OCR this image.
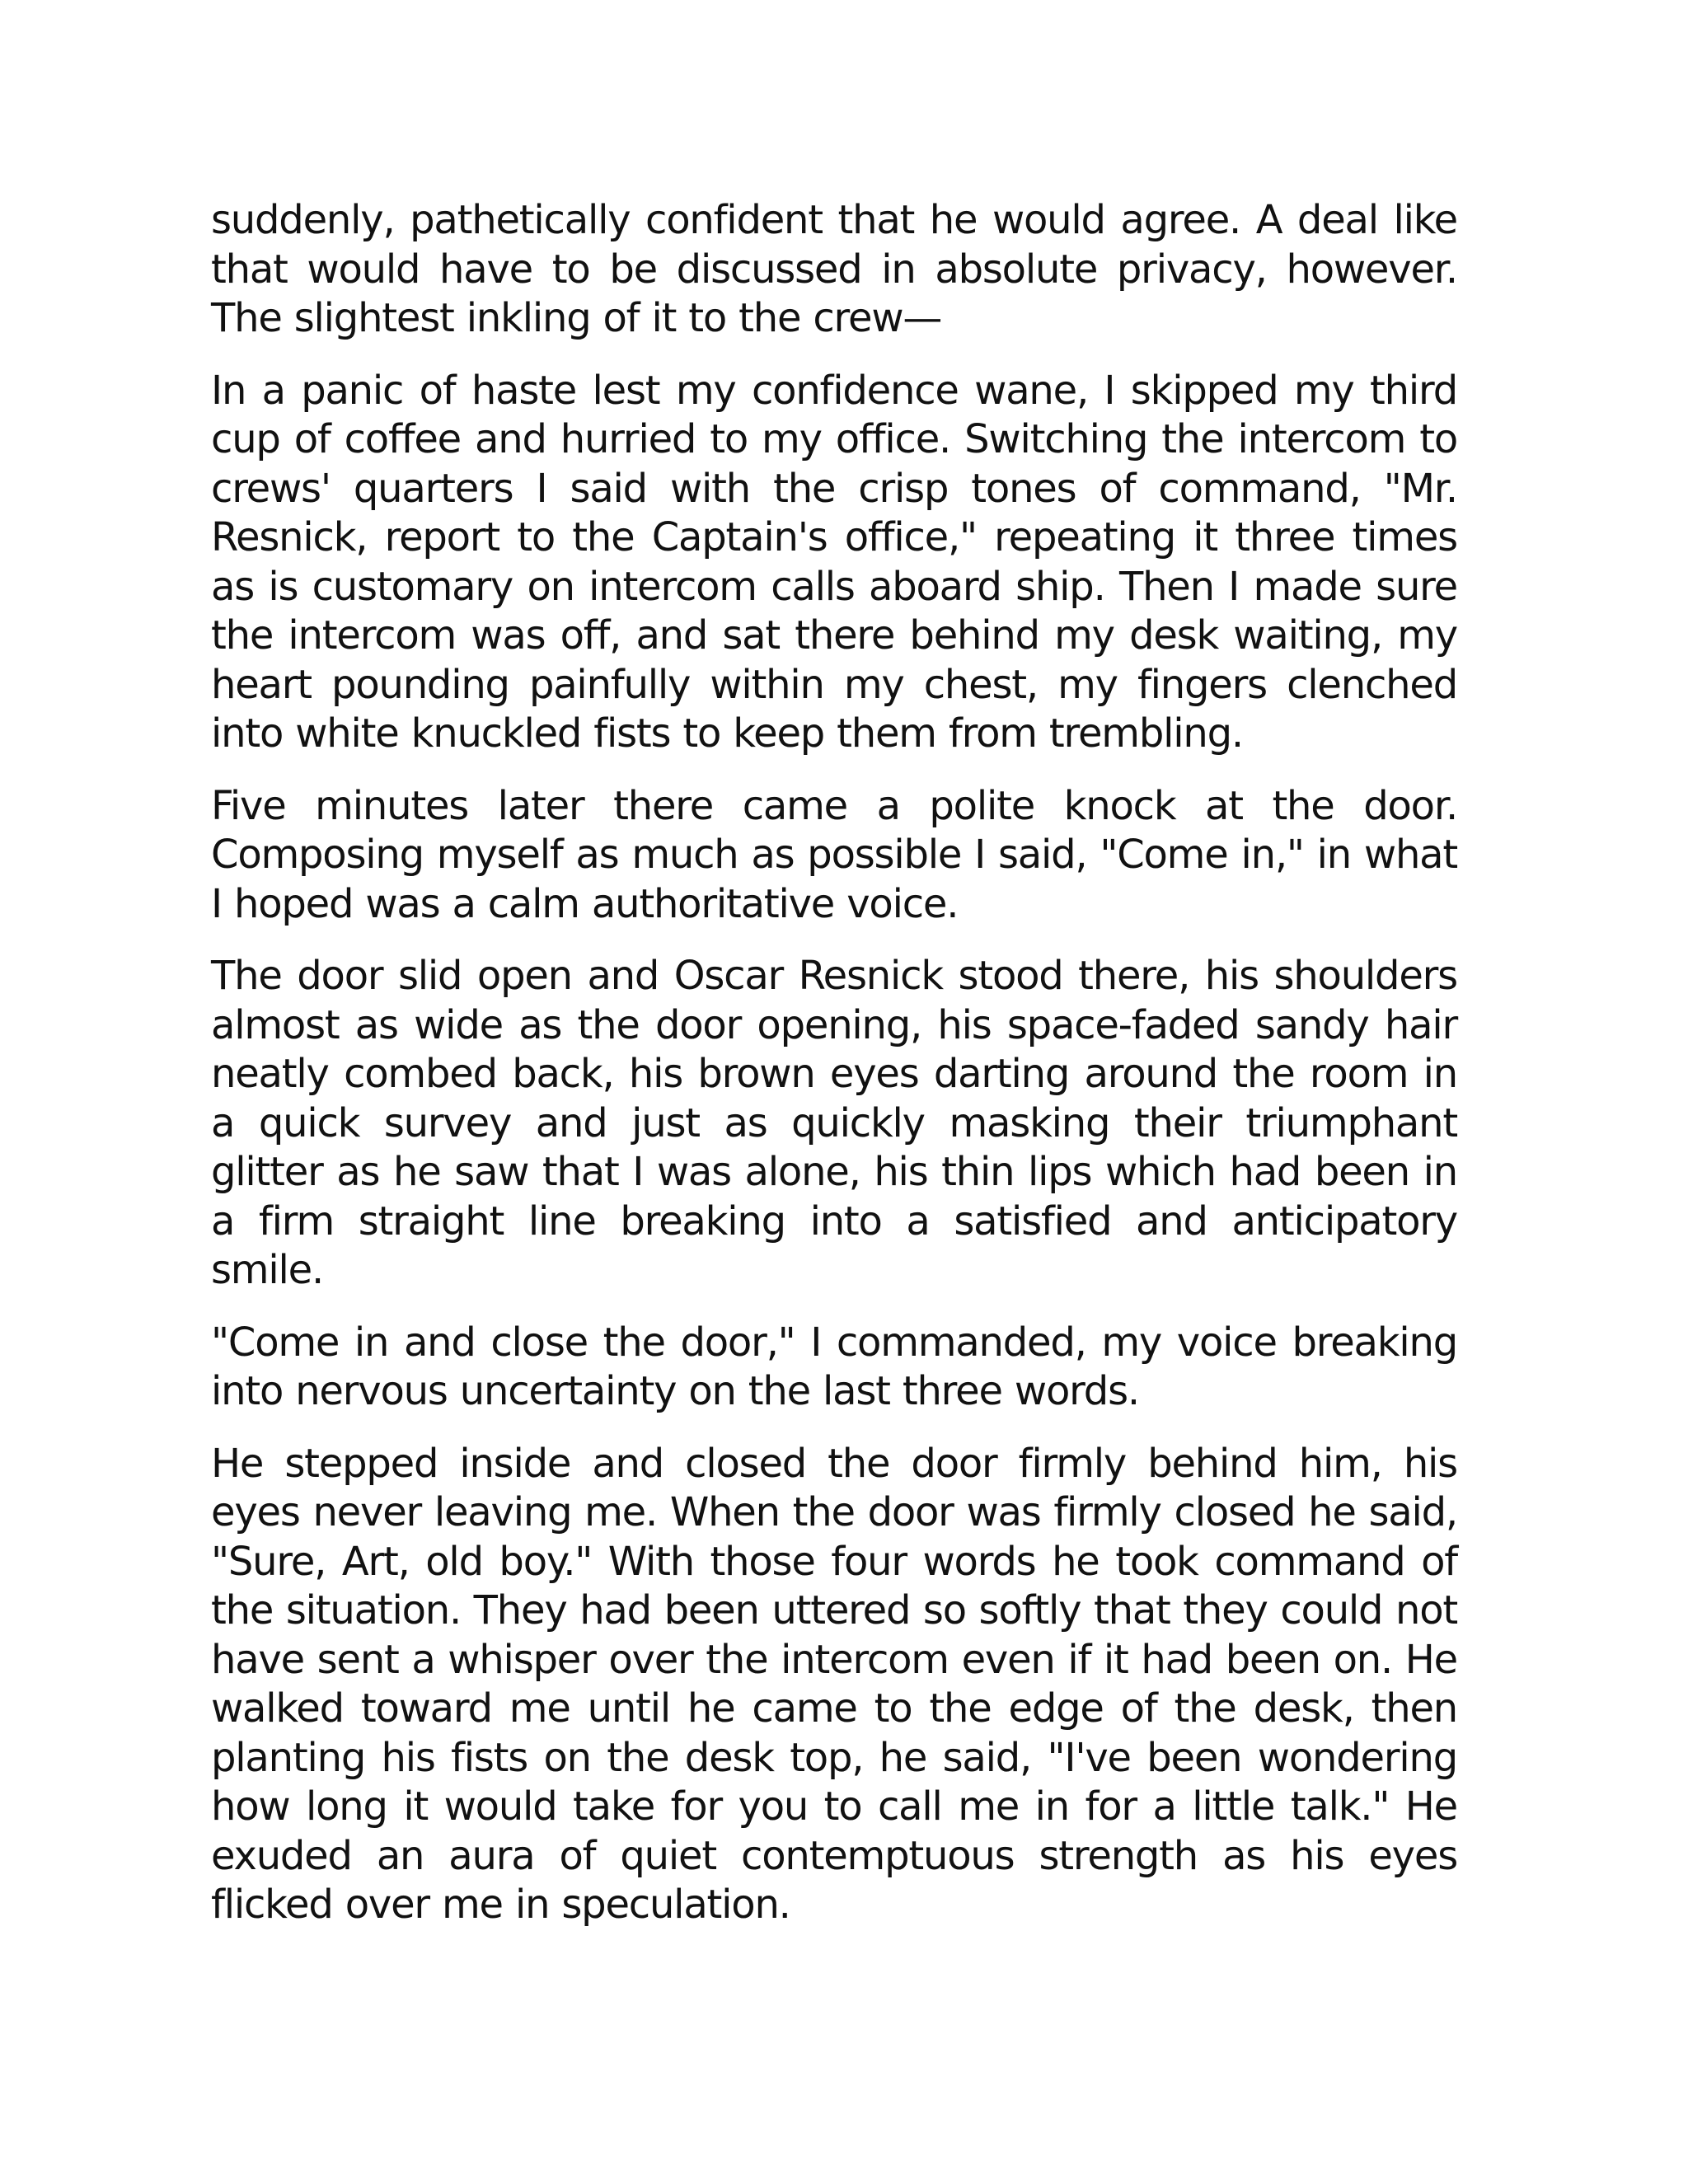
suddenly, pathetically confident that he would agree. A deal like that would have to be discussed in absolute privacy, however. The slightest inkling of it to the crew—

In a panic of haste lest my confidence wane, I skipped my third cup of coffee and hurried to my office. Switching the intercom to crews' quarters I said with the crisp tones of command, "Mr. Resnick, report to the Captain's office," repeating it three times as is customary on intercom calls aboard ship. Then I made sure the intercom was off, and sat there behind my desk waiting, my heart pounding painfully within my chest, my fingers clenched into white knuckled fists to keep them from trembling.

Five minutes later there came a polite knock at the door. Composing myself as much as possible I said, "Come in," in what I hoped was a calm authoritative voice.

The door slid open and Oscar Resnick stood there, his shoulders almost as wide as the door opening, his space-faded sandy hair neatly combed back, his brown eyes darting around the room in a quick survey and just as quickly masking their triumphant glitter as he saw that I was alone, his thin lips which had been in a firm straight line breaking into a satisfied and anticipatory smile.

"Come in and close the door," I commanded, my voice breaking into nervous uncertainty on the last three words.

He stepped inside and closed the door firmly behind him, his eyes never leaving me. When the door was firmly closed he said, "Sure, Art, old boy." With those four words he took command of the situation. They had been uttered so softly that they could not have sent a whisper over the intercom even if it had been on. He walked toward me until he came to the edge of the desk, then planting his fists on the desk top, he said, "I've been wondering how long it would take for you to call me in for a little talk." He exuded an aura of quiet contemptuous strength as his eyes flicked over me in speculation.
